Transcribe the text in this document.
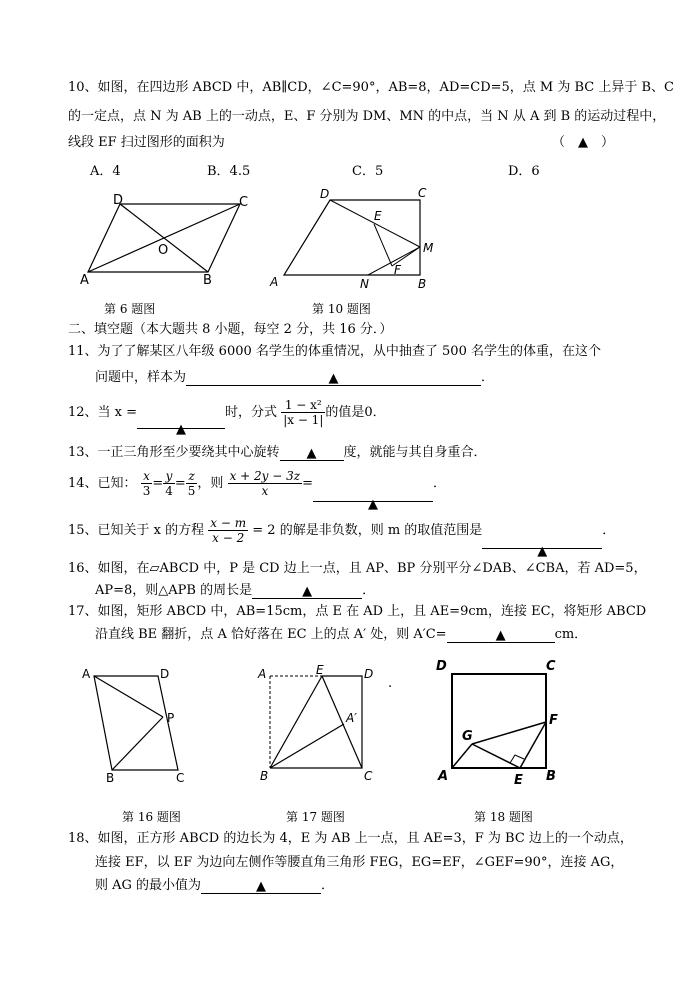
10、如图，在四边形 ABCD 中，AB∥CD，∠C=90°，AB=8，AD=CD=5，点 M 为 BC 上异于 B、C
的一定点，点 N 为 AB 上的一动点，E、F 分别为 DM、MN 的中点，当 N 从 A 到 B 的运动过程中，
线段 EF 扫过图形的面积为	（　▲　）
A．4	B．4.5	C．5	D．6
D	C
O
A	B
第 6 题图
D	C
E
M
F
A	N	B
第 10 题图
二、填空题（本大题共 8 小题，每空 2 分，共 16 分．）
11、为了了解某区八年级 6000 名学生的体重情况，从中抽查了 500 名学生的体重，在这个
问题中，样本为	▲	．
12、当 x =▲时，分式 $\frac{\text{1 − x²}}{|x - 1|}$ 的值是0．
13、一正三角形至少要绕其中心旋转 ▲ 度，就能与其自身重合．
14、已知： $\frac{x}{3} = \frac{y}{4} = \frac{z}{5}$ ，则 $\frac{x + 2y - 3z}{x}$ =▲．
15、已知关于 x 的方程 $\frac{x - m}{x - 2} = 2$ 的解是非负数，则 m 的取值范围是▲．
16、如图，在▱ABCD 中，P 是 CD 边上一点，且 AP、BP 分别平分∠DAB、∠CBA，若 AD=5，
AP=8，则△APB 的周长是	▲	．
17、如图，矩形 ABCD 中，AB=15cm，点 E 在 AD 上，且 AE=9cm，连接 EC，将矩形 ABCD
沿直线 BE 翻折，点 A 恰好落在 EC 上的点 A′ 处，则 A′C=	▲	cm．
A	D
P
B	C
第 16 题图
A	E	D
A′
B	C
.
第 17 题图
D	C
G
F
A	E B
第 18 题图
18、如图，正方形 ABCD 的边长为 4，E 为 AB 上一点，且 AE=3，F 为 BC 边上的一个动点，
连接 EF，以 EF 为边向左侧作等腰直角三角形 FEG，EG=EF，∠GEF=90°，连接 AG，
则 AG 的最小值为	▲	．
